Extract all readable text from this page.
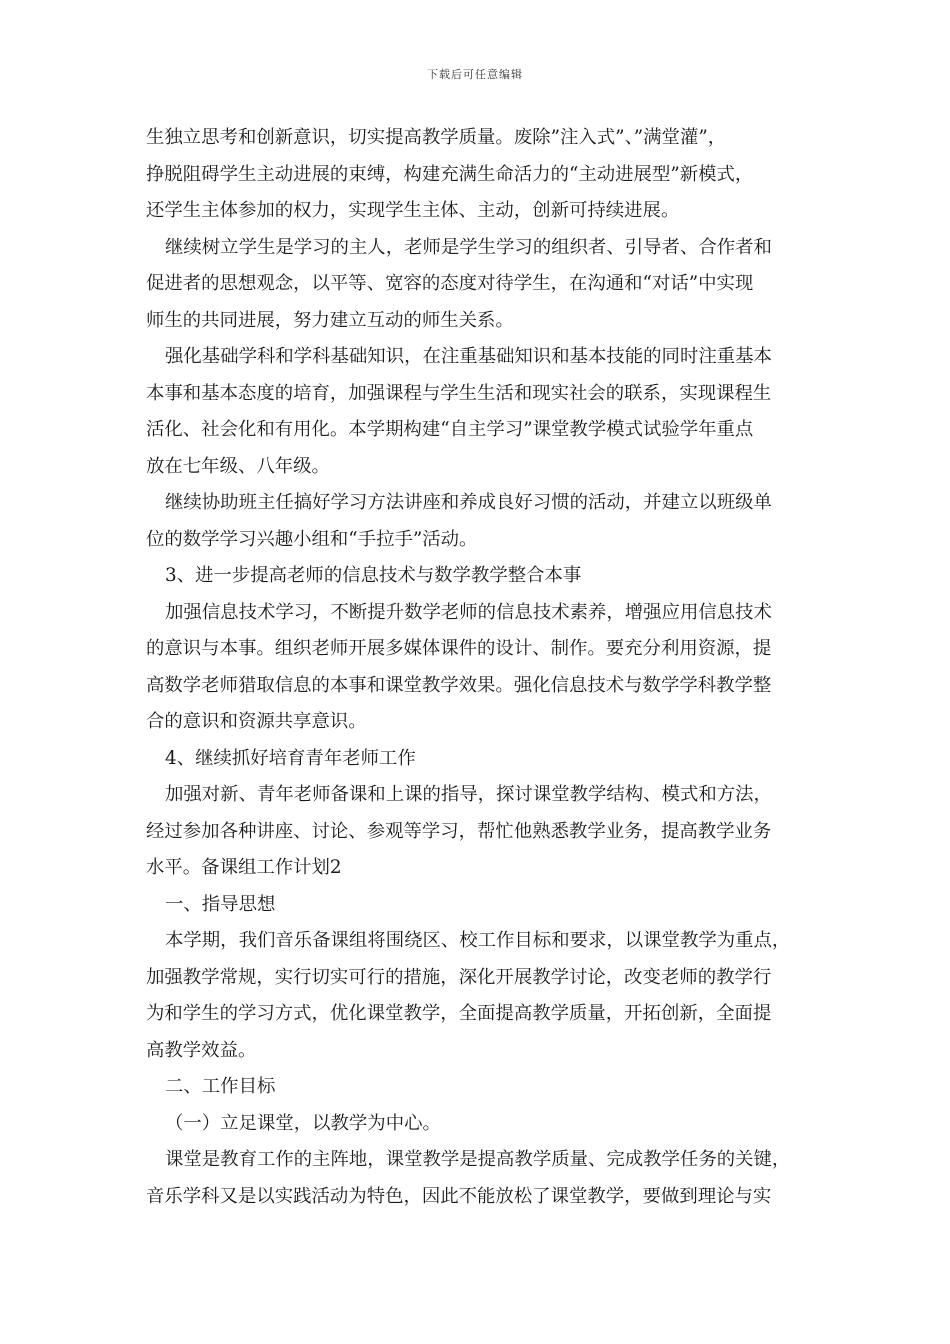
下载后可任意编辑
生独立思考和创新意识，切实提高教学质量。废除”注入式”、”满堂灌”，
挣脱阻碍学生主动进展的束缚，构建充满生命活力的“主动进展型”新模式，
还学生主体参加的权力，实现学生主体、主动，创新可持续进展。
继续树立学生是学习的主人，老师是学生学习的组织者、引导者、合作者和
促进者的思想观念，以平等、宽容的态度对待学生，在沟通和“对话”中实现
师生的共同进展，努力建立互动的师生关系。
强化基础学科和学科基础知识，在注重基础知识和基本技能的同时注重基本
本事和基本态度的培育，加强课程与学生生活和现实社会的联系，实现课程生
活化、社会化和有用化。本学期构建“自主学习”课堂教学模式试验学年重点
放在七年级、八年级。
继续协助班主任搞好学习方法讲座和养成良好习惯的活动，并建立以班级单
位的数学学习兴趣小组和“手拉手”活动。
3、进一步提高老师的信息技术与数学教学整合本事
加强信息技术学习，不断提升数学老师的信息技术素养，增强应用信息技术
的意识与本事。组织老师开展多媒体课件的设计、制作。要充分利用资源，提
高数学老师猎取信息的本事和课堂教学效果。强化信息技术与数学学科教学整
合的意识和资源共享意识。
4、继续抓好培育青年老师工作
加强对新、青年老师备课和上课的指导，探讨课堂教学结构、模式和方法，
经过参加各种讲座、讨论、参观等学习，帮忙他熟悉教学业务，提高教学业务
水平。备课组工作计划2
一、指导思想
本学期，我们音乐备课组将围绕区、校工作目标和要求，以课堂教学为重点，
加强教学常规，实行切实可行的措施，深化开展教学讨论，改变老师的教学行
为和学生的学习方式，优化课堂教学，全面提高教学质量，开拓创新，全面提
高教学效益。
二、工作目标
（一）立足课堂，以教学为中心。
课堂是教育工作的主阵地，课堂教学是提高教学质量、完成教学任务的关键，
音乐学科又是以实践活动为特色，因此不能放松了课堂教学，要做到理论与实
